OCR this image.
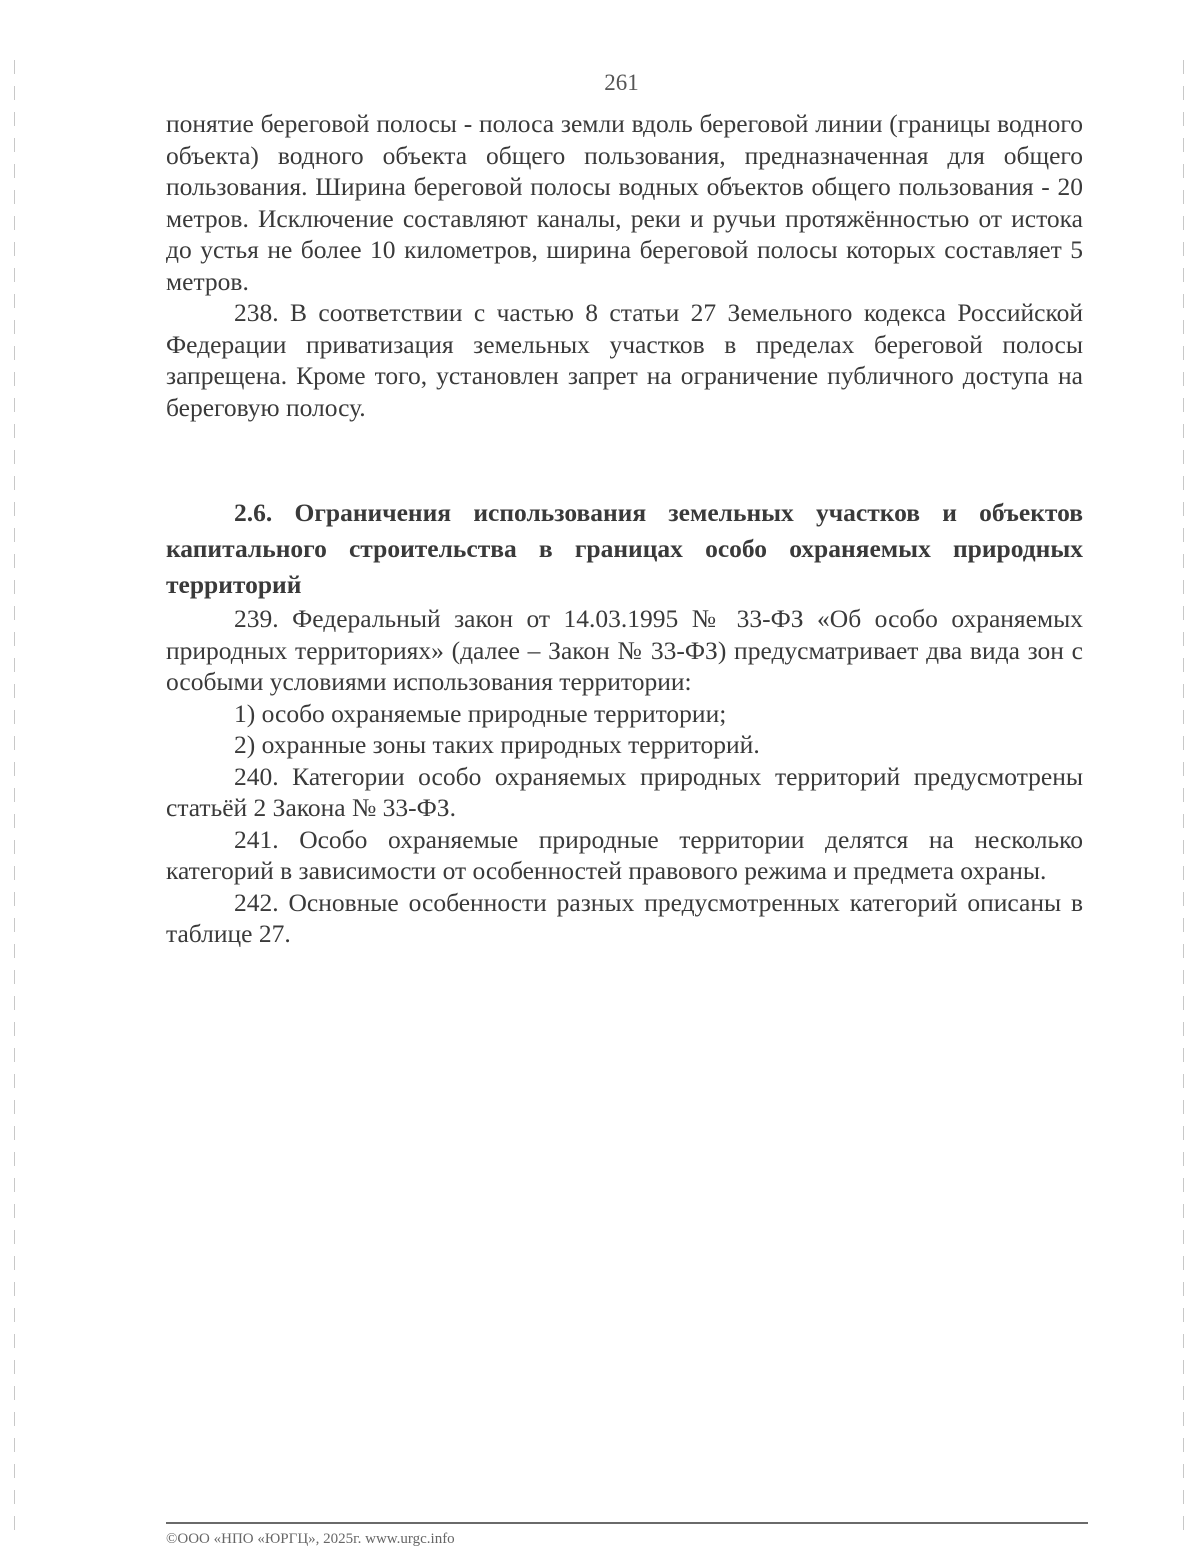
261

понятие береговой полосы - полоса земли вдоль береговой линии (границы водного объекта) водного объекта общего пользования, предназначенная для общего пользования. Ширина береговой полосы водных объектов общего пользования - 20 метров. Исключение составляют каналы, реки и ручьи протяжённостью от истока до устья не более 10 километров, ширина береговой полосы которых составляет 5 метров.

238. В соответствии с частью 8 статьи 27 Земельного кодекса Российской Федерации приватизация земельных участков в пределах береговой полосы запрещена. Кроме того, установлен запрет на ограничение публичного доступа на береговую полосу.

2.6. Ограничения использования земельных участков и объектов капитального строительства в границах особо охраняемых природных территорий

239. Федеральный закон от 14.03.1995 № 33-ФЗ «Об особо охраняемых природных территориях» (далее – Закон № 33-ФЗ) предусматривает два вида зон с особыми условиями использования территории:

1) особо охраняемые природные территории;

2) охранные зоны таких природных территорий.

240. Категории особо охраняемых природных территорий предусмотрены статьёй 2 Закона № 33-ФЗ.

241. Особо охраняемые природные территории делятся на несколько категорий в зависимости от особенностей правового режима и предмета охраны.

242. Основные особенности разных предусмотренных категорий описаны в таблице 27.

©ООО «НПО «ЮРГЦ», 2025г. www.urgc.info
